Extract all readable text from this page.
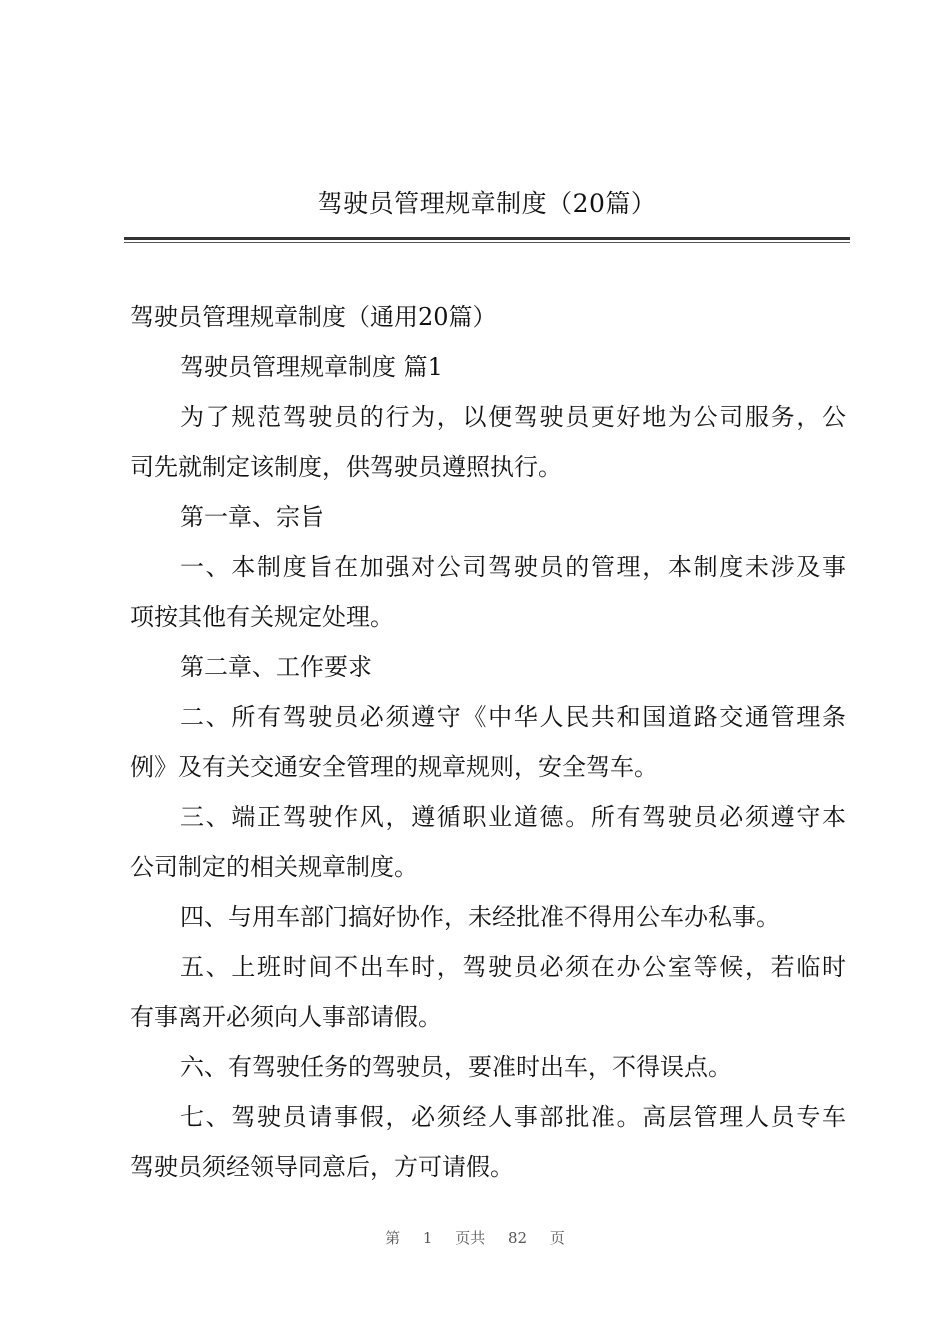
驾驶员管理规章制度（20篇）
驾驶员管理规章制度（通用20篇）
驾驶员管理规章制度 篇1
为了规范驾驶员的行为，以便驾驶员更好地为公司服务，公
司先就制定该制度，供驾驶员遵照执行。
第一章、宗旨
一、本制度旨在加强对公司驾驶员的管理，本制度未涉及事
项按其他有关规定处理。
第二章、工作要求
二、所有驾驶员必须遵守《中华人民共和国道路交通管理条
例》及有关交通安全管理的规章规则，安全驾车。
三、端正驾驶作风，遵循职业道德。所有驾驶员必须遵守本
公司制定的相关规章制度。
四、与用车部门搞好协作，未经批准不得用公车办私事。
五、上班时间不出车时，驾驶员必须在办公室等候，若临时
有事离开必须向人事部请假。
六、有驾驶任务的驾驶员，要准时出车，不得误点。
七、驾驶员请事假，必须经人事部批准。高层管理人员专车
驾驶员须经领导同意后，方可请假。
第 1 页共 82 页
